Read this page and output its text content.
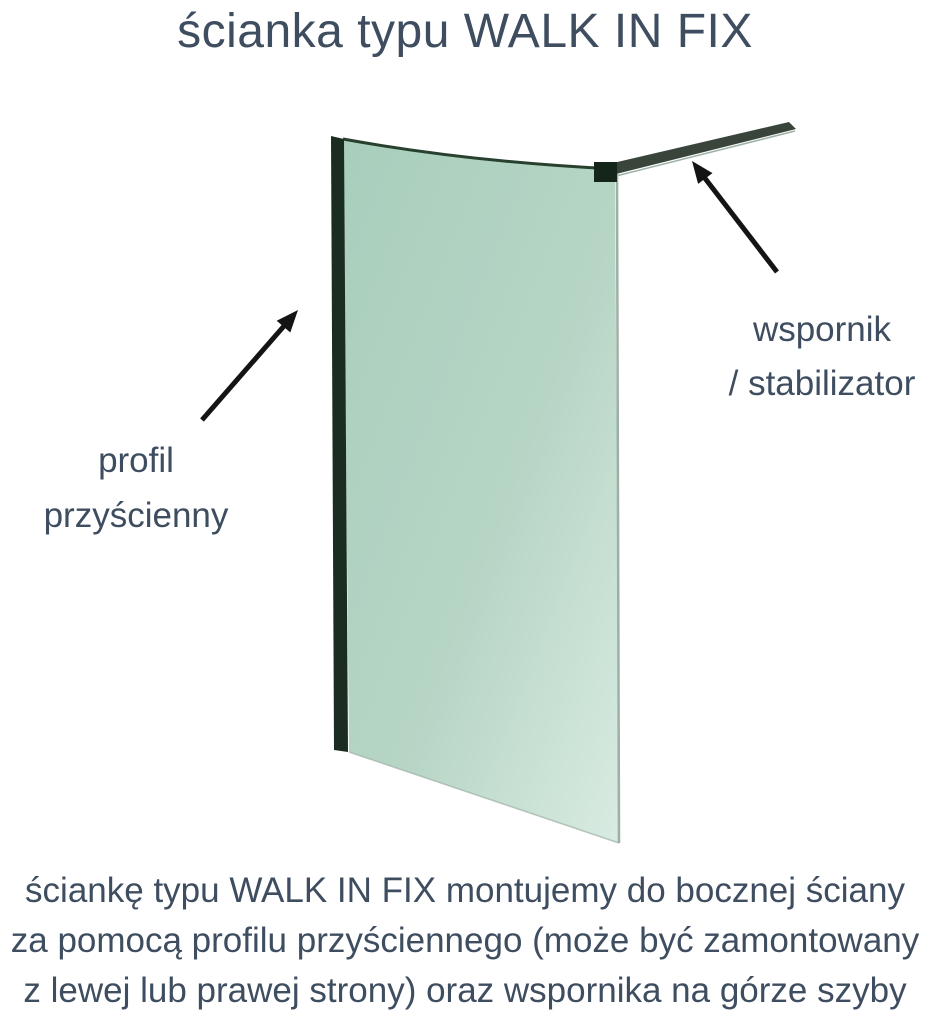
ścianka typu WALK IN FIX
profil
przyścienny
wspornik
/ stabilizator
ściankę typu WALK IN FIX montujemy do bocznej ściany
za pomocą profilu przyściennego (może być zamontowany
z lewej lub prawej strony) oraz wspornika na górze szyby
